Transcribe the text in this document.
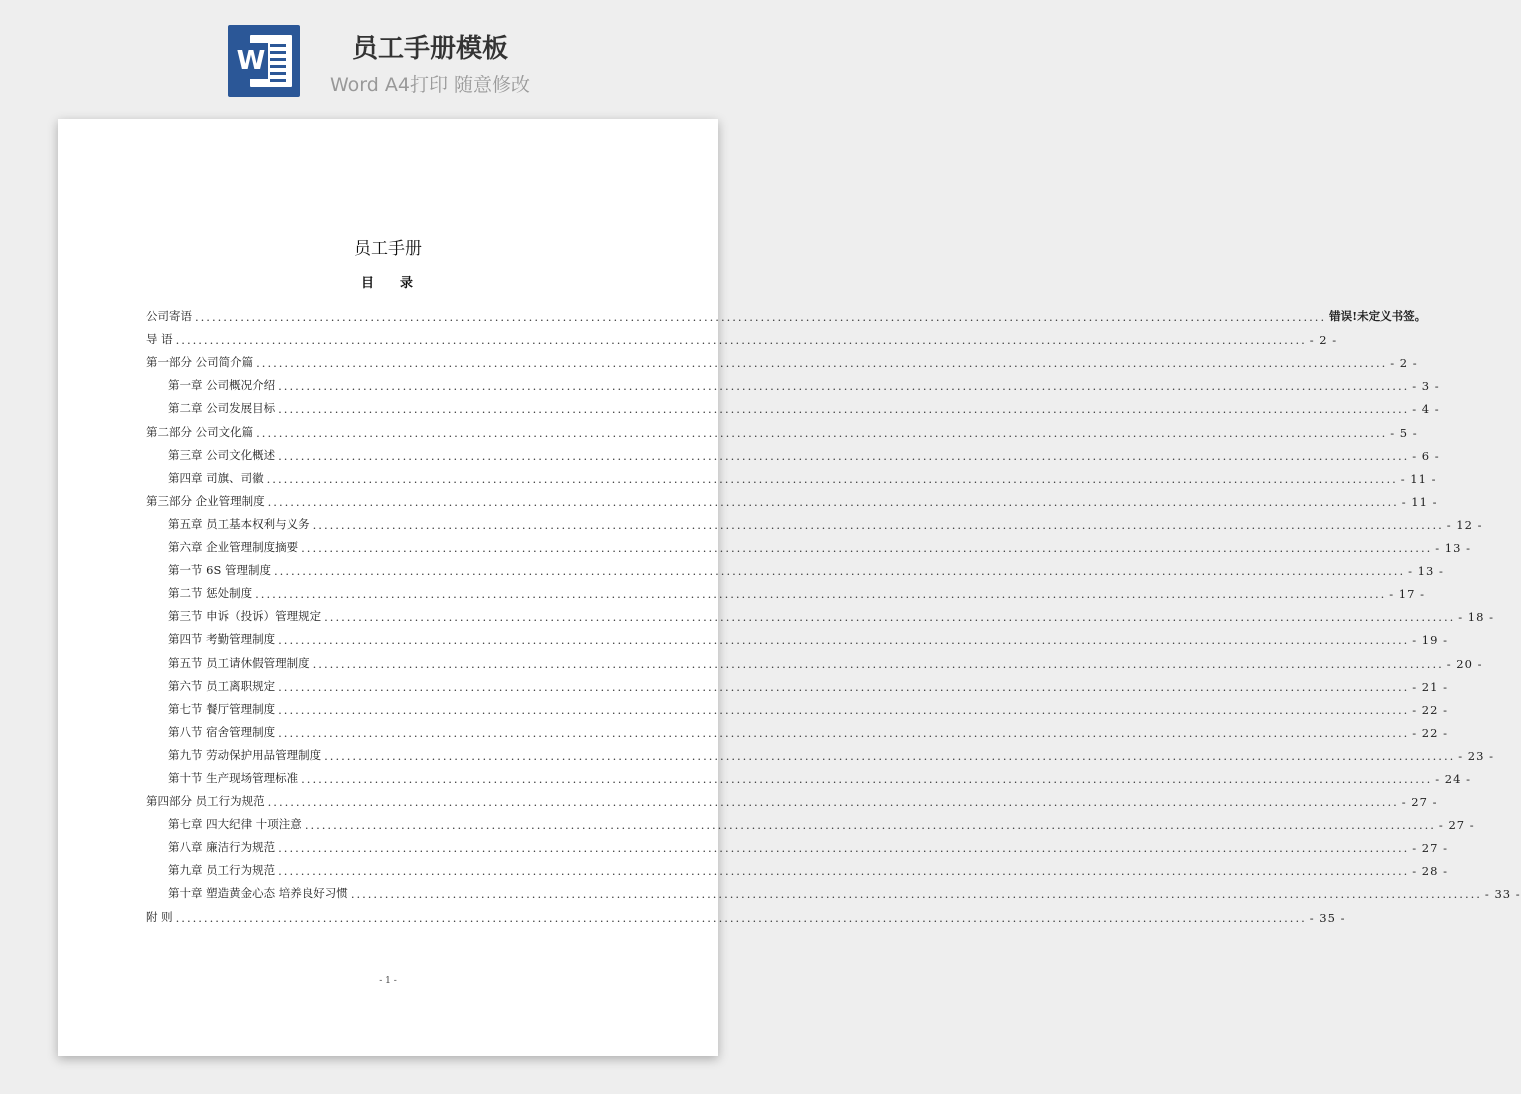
W	员工手册模板
Word A4打印 随意修改
员工手册
目 录
公司寄语 ........................................................................................................................................................................................................ 错误!未定义书签。
导 语 ........................................................................................................................................................................................................ - 2 -
第一部分 公司简介篇 ........................................................................................................................................................................................................ - 2 -
第一章 公司概况介绍 ........................................................................................................................................................................................................ - 3 -
第二章 公司发展目标 ........................................................................................................................................................................................................ - 4 -
第二部分 公司文化篇 ........................................................................................................................................................................................................ - 5 -
第三章 公司文化概述 ........................................................................................................................................................................................................ - 6 -
第四章 司旗、司徽 ........................................................................................................................................................................................................ - 11 -
第三部分 企业管理制度 ........................................................................................................................................................................................................ - 11 -
第五章 员工基本权利与义务 ........................................................................................................................................................................................................ - 12 -
第六章 企业管理制度摘要 ........................................................................................................................................................................................................ - 13 -
第一节 6S 管理制度 ........................................................................................................................................................................................................ - 13 -
第二节 惩处制度 ........................................................................................................................................................................................................ - 17 -
第三节 申诉（投诉）管理规定 ........................................................................................................................................................................................................ - 18 -
第四节 考勤管理制度 ........................................................................................................................................................................................................ - 19 -
第五节 员工请休假管理制度 ........................................................................................................................................................................................................ - 20 -
第六节 员工离职规定 ........................................................................................................................................................................................................ - 21 -
第七节 餐厅管理制度 ........................................................................................................................................................................................................ - 22 -
第八节 宿舍管理制度 ........................................................................................................................................................................................................ - 22 -
第九节 劳动保护用品管理制度 ........................................................................................................................................................................................................ - 23 -
第十节 生产现场管理标准 ........................................................................................................................................................................................................ - 24 -
第四部分 员工行为规范 ........................................................................................................................................................................................................ - 27 -
第七章 四大纪律 十项注意 ........................................................................................................................................................................................................ - 27 -
第八章 廉洁行为规范 ........................................................................................................................................................................................................ - 27 -
第九章 员工行为规范 ........................................................................................................................................................................................................ - 28 -
第十章 塑造黄金心态 培养良好习惯 ........................................................................................................................................................................................................ - 33 -
附 则 ........................................................................................................................................................................................................ - 35 -
- 1 -
